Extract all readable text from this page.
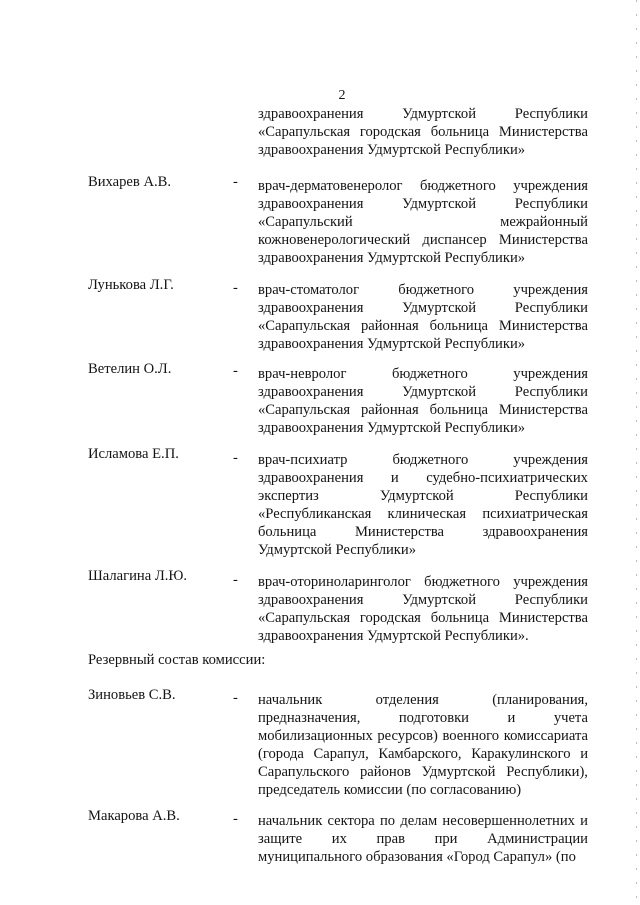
2
здравоохранения	Удмуртской	Республики
«Сарапульская городская больница Министерства
здравоохранения Удмуртской Республики»
Вихарев А.В.	- врач-дерматовенеролог бюджетного учреждения
здравоохранения	Удмуртской	Республики
«Сарапульский	межрайонный
кожновенерологический диспансер Министерства
здравоохранения Удмуртской Республики»
Луньков​а Л.Г.	- врач-стоматолог	бюджетного	учреждения
здравоохранения	Удмуртской	Республики
«Сарапульская районная больница Министерства
здравоохранения Удмуртской Республики»
Ветелин О.Л.	- врач-невролог	бюджетного	учреждения
здравоохранения	Удмуртской	Республики
«Сарапульская районная больница Министерства
здравоохранения Удмуртской Республики»
Исламова Е.П.	- врач-психиатр	бюджетного	учреждения
здравоохранения и судебно-психиатрических
экспертиз	Удмуртской	Республики
«Республиканская клиническая психиатрическая
больница	Министерства	здравоохранения
Удмуртской Республики»
Шалагина Л.Ю.	- врач-оториноларинголог бюджетного учреждения
здравоохранения	Удмуртской	Республики
«Сарапульская городская больница Министерства
здравоохранения Удмуртской Республики».
Резервный состав комиссии:
Зиновьев С.В.	- начальник	отделения	(планирования,
предназначения,	подготовки	и	учета
мобилизационных ресурсов) военного комиссариата
(города Сарапул, Камбарского, Каракулинского и
Сарапульского районов Удмуртской Республики),
председатель комиссии (по согласованию)
Макарова А.В.	- начальник сектора по делам несовершеннолетних и
защите их прав при Администрации
муниципального образования «Город Сарапул» (по
